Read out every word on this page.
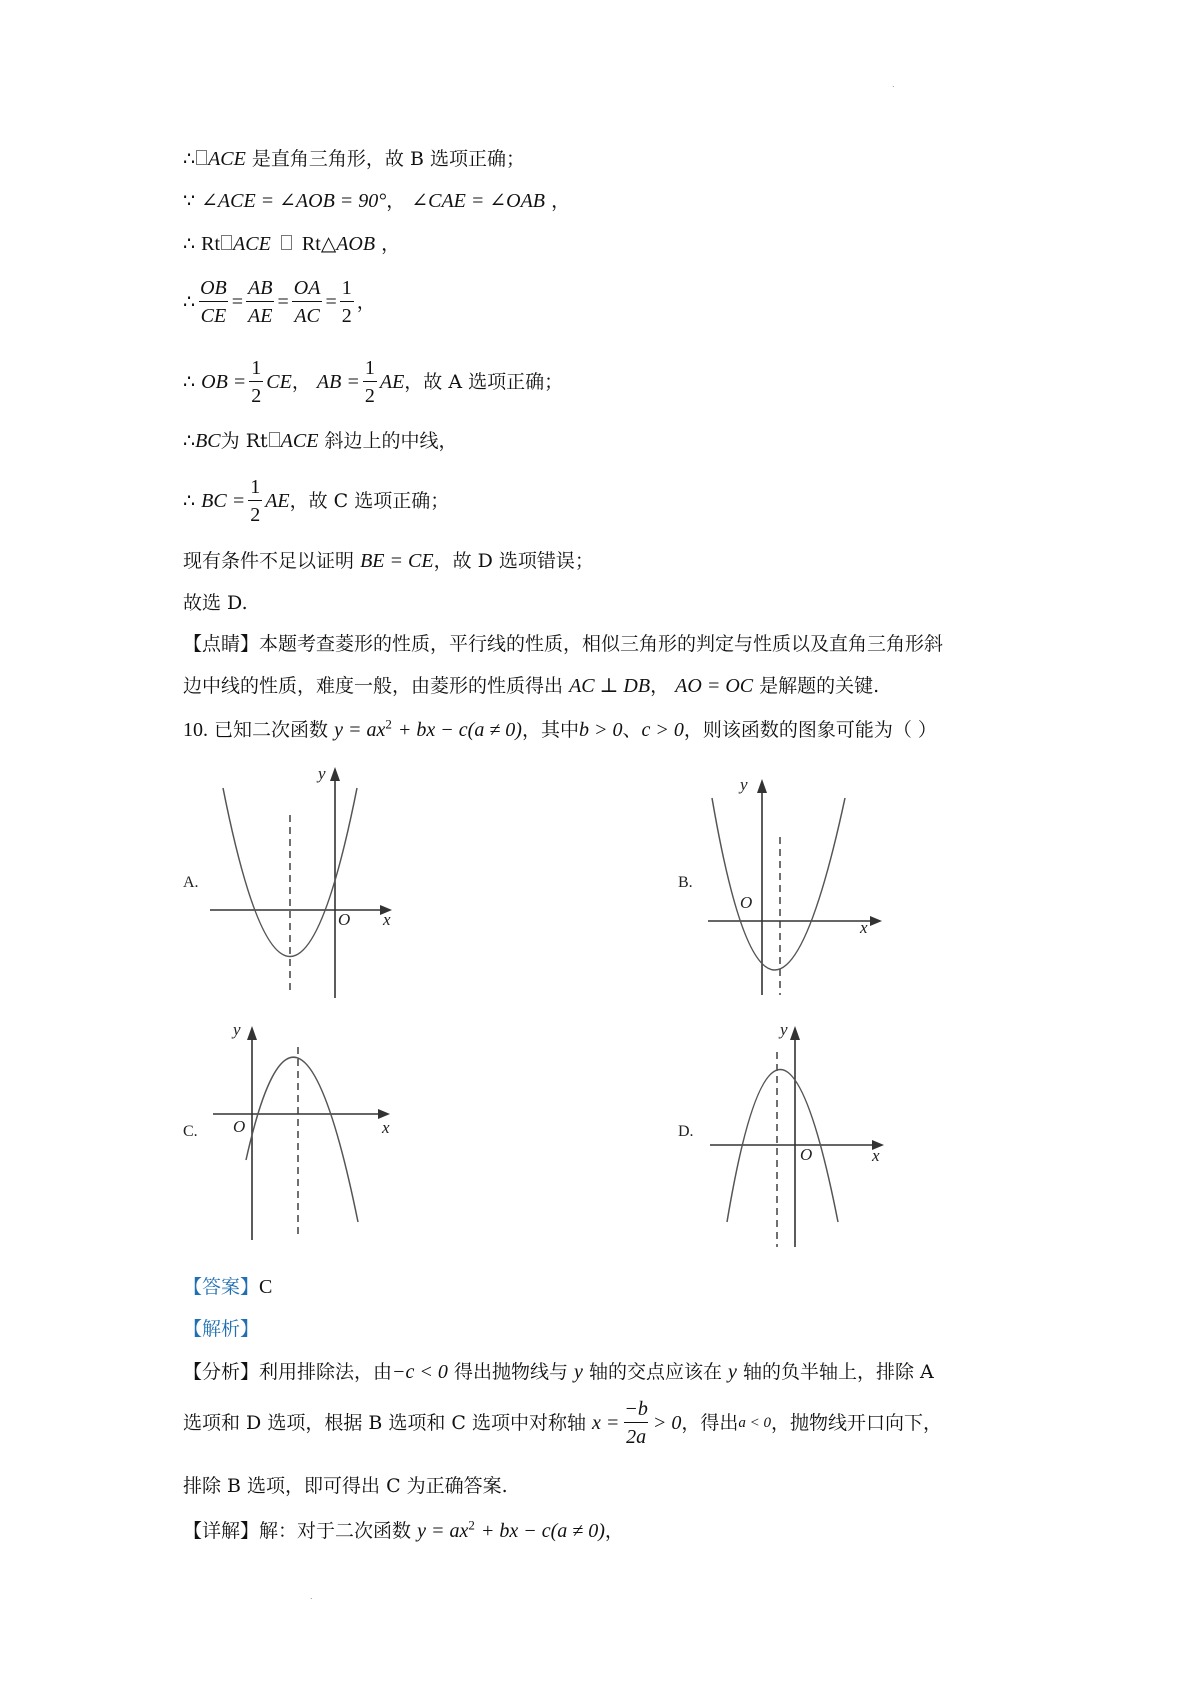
.
.
∴ ACE 是直角三角形，故 B 选项正确；
∵ ∠ACE = ∠AOB = 90°， ∠CAE = ∠OAB ，
∴ Rt ACE Rt△AOB ，
∴ $\frac{OB}{CE} = \frac{AB}{AE} = \frac{OA}{AC} = \frac{1}{2}$ ，
∴
OB = $\frac{1}{2}$ CE ，
AB = $\frac{1}{2}$ AE ，故 A 选项正确；
∴BC为 Rt ACE 斜边上的中线，
∴
BC = $\frac{1}{2}$ AE ，故 C 选项正确；
现有条件不足以证明 BE = CE，故 D 选项错误；
故选 D.
【点睛】本题考查菱形的性质，平行线的性质，相似三角形的判定与性质以及直角三角形斜
边中线的性质，难度一般，由菱形的性质得出 AC ⊥ DB， AO = OC 是解题的关键.
10. 已知二次函数 $y = ax^2$ + bx − c(a ≠ 0)，其中b > 0、c > 0，则该函数的图象可能为（ ）
A.
y
x
O
B.
y
x
O
C.
y
x
O	D.
y
x
O
【答案】C
【解析】
【分析】利用排除法，由−c < 0 得出抛物线与 y 轴的交点应该在 y 轴的负半轴上，排除 A
选项和 D 选项，根据 B 选项和 C 选项中对称轴
$x = \frac{-b}{2a} > 0$ ，得出 a < 0 ，抛物线开口向下，
排除 B 选项，即可得出 C 为正确答案.
【详解】解：对于二次函数 $y = ax^2$ + bx − c(a ≠ 0)，
